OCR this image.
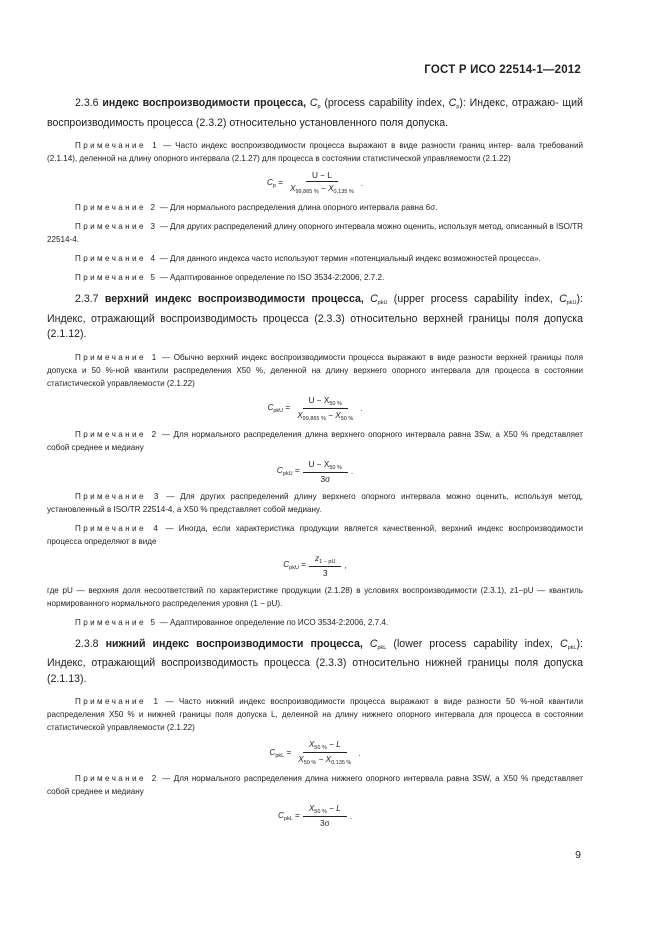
ГОСТ Р ИСО 22514-1—2012

2.3.6 индекс воспроизводимости процесса, $C_p$ (process capability index, $C_p$): Индекс, отражаю- щий воспроизводимость процесса (2.3.2) относительно установленного поля допуска.

Примечание 1 — Часто индекс воспроизводимости процесса выражают в виде разности границ интер- вала требований (2.1.14), деленной на длину опорного интервала (2.1.27) для процесса в состоянии статистической управляемости (2.1.22)

$C_p = \frac{U - L}{X_{99,865 \%} - X_{0,135 \%}}$ .

Примечание 2 — Для нормального распределения длина опорного интервала равна 6σ.

Примечание 3 — Для других распределений длину опорного интервала можно оценить, используя метод, описанный в ISO/TR 22514-4.

Примечание 4 — Для данного индекса часто используют термин «потенциальный индекс возможностей процесса».

Примечание 5 — Адаптированное определение по ISO 3534-2:2006, 2.7.2.

2.3.7 верхний индекс воспроизводимости процесса, $C_{pkU}$ (upper process capability index, $C_{pkU}$): Индекс, отражающий воспроизводимость процесса (2.3.3) относительно верхней границы поля допуска (2.1.12).

Примечание 1 — Обычно верхний индекс воспроизводимости процесса выражают в виде разности верхней границы поля допуска и 50 %-ной квантили распределения X50 %, деленной на длину верхнего опорного интервала для процесса в состоянии статистической управляемости (2.1.22)

$C_{pkU} = \frac{U - X_{50 \%}}{X_{99,865 \%} - X_{50 \%}}$ .

Примечание 2 — Для нормального распределения длина верхнего опорного интервала равна 3Sw, а X50 % представляет собой среднее и медиану

$C_{pkU} = \frac{U - X_{50 \%}}{3\sigma}$ .

Примечание 3 — Для других распределений длину верхнего опорного интервала можно оценить, используя метод, установленный в ISO/TR 22514-4, а X50 % представляет собой медиану.

Примечание 4 — Иногда, если характеристика продукции является качественной, верхний индекс воспроизводимости процесса определяют в виде

$C_{pkU} = \frac{z_{1 - pU}}{3}$ ,

где pU — верхняя доля несоответствий по характеристике продукции (2.1.28) в условиях воспроизводимости (2.3.1), z1−pU — квантиль нормированного нормального распределения уровня (1 − pU).

Примечание 5 — Адаптированное определение по ИСО 3534-2:2006, 2.7.4.

2.3.8 нижний индекс воспроизводимости процесса, $C_{pkL}$ (lower process capability index, $C_{pkL}$): Индекс, отражающий воспроизводимость процесса (2.3.3) относительно нижней границы поля допуска (2.1.13).

Примечание 1 — Часто нижний индекс воспроизводимости процесса выражают в виде разности 50 %-ной квантили распределения X50 % и нижней границы поля допуска L, деленной на длину нижнего опорного интервала для процесса в состоянии статистической управляемости (2.1.22)

$C_{pkL} = \frac{X_{50 \%} - L}{X_{50 \%} - X_{0,135 \%}}$ .

Примечание 2 — Для нормального распределения длина нижнего опорного интервала равна 3SW, а X50 % представляет собой среднее и медиану

$C_{pkL} = \frac{X_{50 \%} - L}{3\sigma}$ .
9
